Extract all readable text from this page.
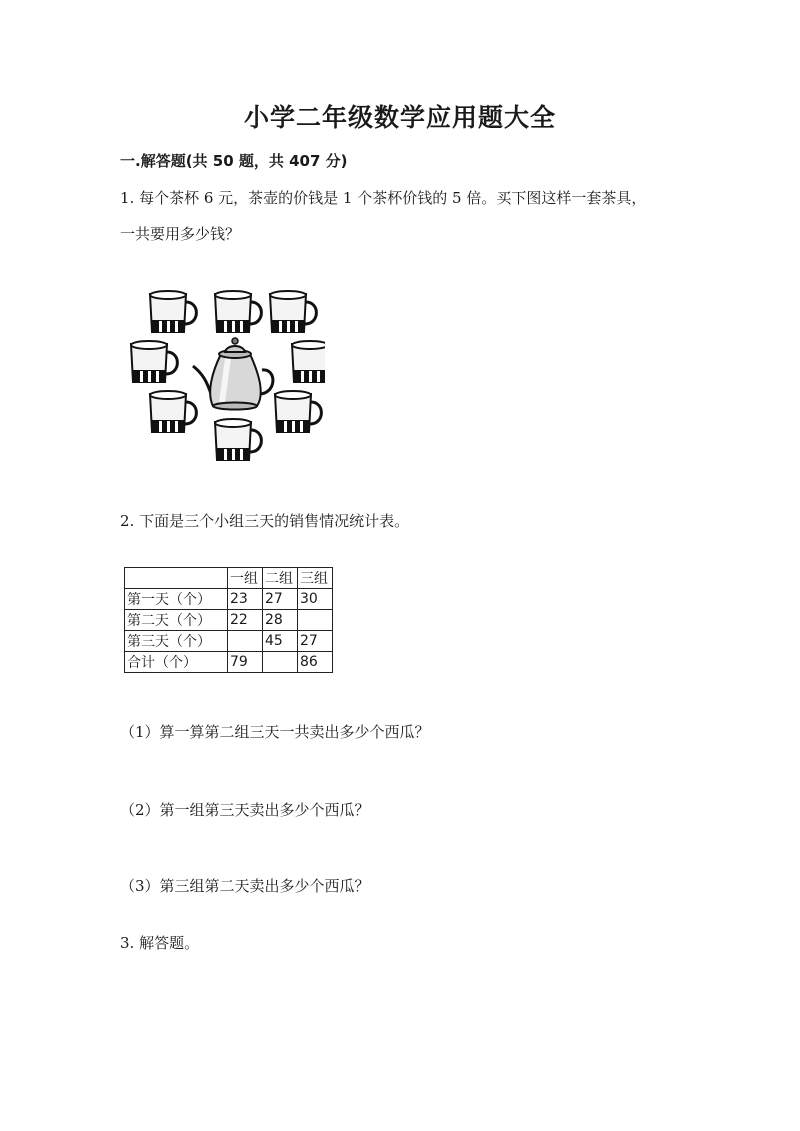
小学二年级数学应用题大全
一.解答题(共 50 题，共 407 分)
1. 每个茶杯 6 元，茶壶的价钱是 1 个茶杯价钱的 5 倍。买下图这样一套茶具，
一共要用多少钱？
2. 下面是三个小组三天的销售情况统计表。
	一组	二组	三组
第一天（个）	23	27	30
第二天（个）	22	28	
第三天（个）		45	27
合计（个）	79		86
（1）算一算第二组三天一共卖出多少个西瓜？
（2）第一组第三天卖出多少个西瓜？
（3）第三组第二天卖出多少个西瓜？
3. 解答题。
